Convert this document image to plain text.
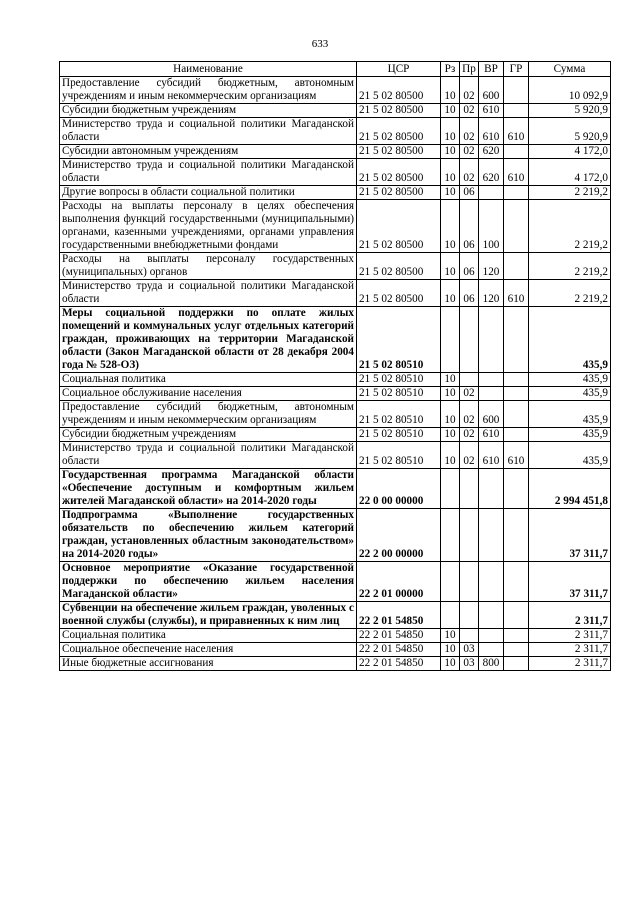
633
Наименование	ЦСР	Рз	Пр	ВР	ГР	Сумма
Предоставление субсидий бюджетным, автономным учреждениям и иным некоммерческим организациям	21 5 02 80500	10	02	600		10 092,9
Субсидии бюджетным учреждениям	21 5 02 80500	10	02	610		5 920,9
Министерство труда и социальной политики Магаданской области	21 5 02 80500	10	02	610	610	5 920,9
Субсидии автономным учреждениям	21 5 02 80500	10	02	620		4 172,0
Министерство труда и социальной политики Магаданской области	21 5 02 80500	10	02	620	610	4 172,0
Другие вопросы в области социальной политики	21 5 02 80500	10	06			2 219,2
Расходы на выплаты персоналу в целях обеспечения выполнения функций государственными (муниципальными) органами, казенными учреждениями, органами управления государственными внебюджетными фондами	21 5 02 80500	10	06	100		2 219,2
Расходы на выплаты персоналу государственных (муниципальных) органов	21 5 02 80500	10	06	120		2 219,2
Министерство труда и социальной политики Магаданской области	21 5 02 80500	10	06	120	610	2 219,2
Меры социальной поддержки по оплате жилых помещений и коммунальных услуг отдельных категорий граждан, проживающих на территории Магаданской области (Закон Магаданской области от 28 декабря 2004 года № 528-ОЗ)	21 5 02 80510					435,9
Социальная политика	21 5 02 80510	10				435,9
Социальное обслуживание населения	21 5 02 80510	10	02			435,9
Предоставление субсидий бюджетным, автономным учреждениям и иным некоммерческим организациям	21 5 02 80510	10	02	600		435,9
Субсидии бюджетным учреждениям	21 5 02 80510	10	02	610		435,9
Министерство труда и социальной политики Магаданской области	21 5 02 80510	10	02	610	610	435,9
Государственная программа Магаданской области «Обеспечение доступным и комфортным жильем жителей Магаданской области» на 2014-2020 годы	22 0 00 00000					2 994 451,8
Подпрограмма «Выполнение государственных обязательств по обеспечению жильем категорий граждан, установленных областным законодательством» на 2014-2020 годы»	22 2 00 00000					37 311,7
Основное мероприятие «Оказание государственной поддержки по обеспечению жильем населения Магаданской области»	22 2 01 00000					37 311,7
Субвенции на обеспечение жильем граждан, уволенных с военной службы (службы), и приравненных к ним лиц	22 2 01 54850					2 311,7
Социальная политика	22 2 01 54850	10				2 311,7
Социальное обеспечение населения	22 2 01 54850	10	03			2 311,7
Иные бюджетные ассигнования	22 2 01 54850	10	03	800		2 311,7
